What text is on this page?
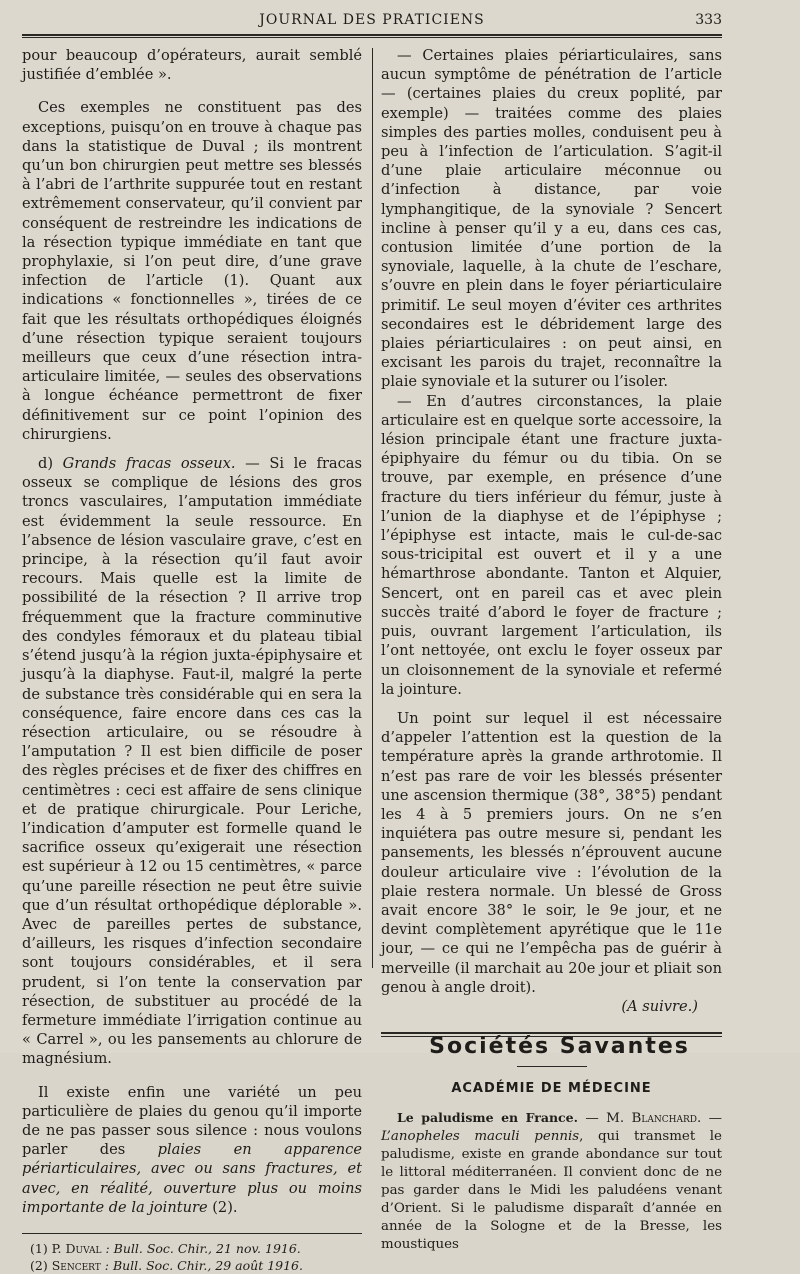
JOURNAL DES PRATICIENS	333

pour beaucoup d’opérateurs, aurait semblé justifiée d’emblée ».

Ces exemples ne constituent pas des exceptions, puisqu’on en trouve à chaque pas dans la statistique de Duval ; ils montrent qu’un bon chirurgien peut mettre ses blessés à l’abri de l’arthrite suppurée tout en restant extrêmement conservateur, qu’il convient par conséquent de restreindre les indications de la résection typique immédiate en tant que prophylaxie, si l’on peut dire, d’une grave infection de l’article (1). Quant aux indications « fonctionnelles », tirées de ce fait que les résultats orthopédiques éloignés d’une résection typique seraient toujours meilleurs que ceux d’une résection intra-articulaire limitée, — seules des observations à longue échéance permettront de fixer définitivement sur ce point l’opinion des chirurgiens.

d) Grands fracas osseux. — Si le fracas osseux se complique de lésions des gros troncs vasculaires, l’amputation immédiate est évidemment la seule ressource. En l’absence de lésion vasculaire grave, c’est en principe, à la résection qu’il faut avoir recours. Mais quelle est la limite de possibilité de la résection ? Il arrive trop fréquemment que la fracture comminutive des condyles fémoraux et du plateau tibial s’étend jusqu’à la région juxta-épiphysaire et jusqu’à la diaphyse. Faut-il, malgré la perte de substance très considérable qui en sera la conséquence, faire encore dans ces cas la résection articulaire, ou se résoudre à l’amputation ? Il est bien difficile de poser des règles précises et de fixer des chiffres en centimètres : ceci est affaire de sens clinique et de pratique chirurgicale. Pour Leriche, l’indication d’amputer est formelle quand le sacrifice osseux qu’exigerait une résection est supérieur à 12 ou 15 centimètres, « parce qu’une pareille résection ne peut être suivie que d’un résultat orthopédique déplorable ». Avec de pareilles pertes de substance, d’ailleurs, les risques d’infection secondaire sont toujours considérables, et il sera prudent, si l’on tente la conservation par résection, de substituer au procédé de la fermeture immédiate l’irrigation continue au « Carrel », ou les pansements au chlorure de magnésium.

Il existe enfin une variété un peu particulière de plaies du genou qu’il importe de ne pas passer sous silence : nous voulons parler des plaies en apparence périarticulaires, avec ou sans fractures, et avec, en réalité, ouverture plus ou moins importante de la jointure (2).

(1) P. Duval : Bull. Soc. Chir., 21 nov. 1916.

(2) Sencert : Bull. Soc. Chir., 29 août 1916.

— Certaines plaies périarticulaires, sans aucun symptôme de pénétration de l’article — (certaines plaies du creux poplité, par exemple) — traitées comme des plaies simples des parties molles, conduisent peu à peu à l’infection de l’articulation. S’agit-il d’une plaie articulaire méconnue ou d’infection à distance, par voie lymphangitique, de la synoviale ? Sencert incline à penser qu’il y a eu, dans ces cas, contusion limitée d’une portion de la synoviale, laquelle, à la chute de l’eschare, s’ouvre en plein dans le foyer périarticulaire primitif. Le seul moyen d’éviter ces arthrites secondaires est le débridement large des plaies périarticulaires : on peut ainsi, en excisant les parois du trajet, reconnaître la plaie synoviale et la suturer ou l’isoler.

— En d’autres circonstances, la plaie articulaire est en quelque sorte accessoire, la lésion principale étant une fracture juxta-épiphyaire du fémur ou du tibia. On se trouve, par exemple, en présence d’une fracture du tiers inférieur du fémur, juste à l’union de la diaphyse et de l’épiphyse ; l’épiphyse est intacte, mais le cul-de-sac sous-tricipital est ouvert et il y a une hémarthrose abondante. Tanton et Alquier, Sencert, ont en pareil cas et avec plein succès traité d’abord le foyer de fracture ; puis, ouvrant largement l’articulation, ils l’ont nettoyée, ont exclu le foyer osseux par un cloisonnement de la synoviale et refermé la jointure.

Un point sur lequel il est nécessaire d’appeler l’attention est la question de la température après la grande arthrotomie. Il n’est pas rare de voir les blessés présenter une ascension thermique (38°, 38°5) pendant les 4 à 5 premiers jours. On ne s’en inquiétera pas outre mesure si, pendant les pansements, les blessés n’éprouvent aucune douleur articulaire vive : l’évolution de la plaie restera normale. Un blessé de Gross avait encore 38° le soir, le 9e jour, et ne devint complètement apyrétique que le 11e jour, — ce qui ne l’empêcha pas de guérir à merveille (il marchait au 20e jour et pliait son genou à angle droit).

(A suivre.)

Sociétés Savantes

ACADÉMIE DE MÉDECINE

Le paludisme en France. — M. Blanchard. — L’anopheles maculi pennis, qui transmet le paludisme, existe en grande abondance sur tout le littoral méditerranéen. Il convient donc de ne pas garder dans le Midi les paludéens venant d’Orient. Si le paludisme disparaît d’année en année de la Sologne et de la Bresse, les moustiques
